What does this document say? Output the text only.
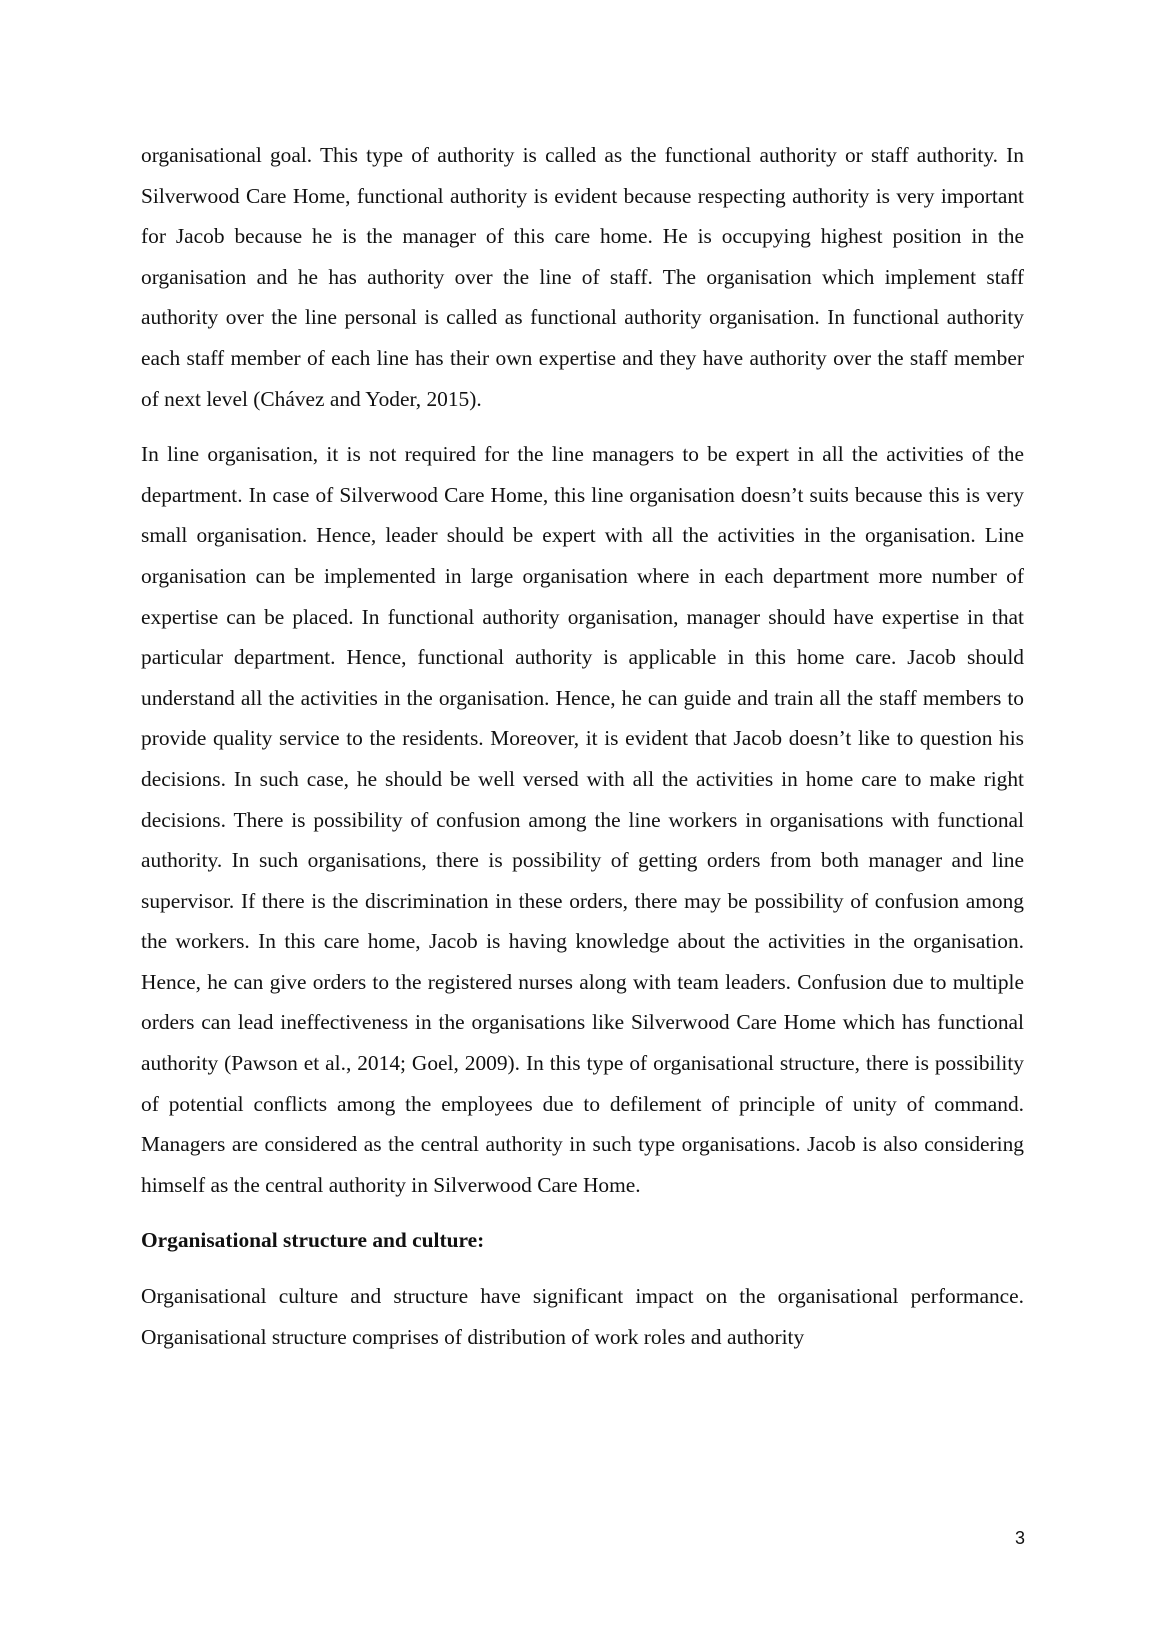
organisational goal. This type of authority is called as the functional authority or staff authority. In Silverwood Care Home, functional authority is evident because respecting authority is very important for Jacob because he is the manager of this care home. He is occupying highest position in the organisation and he has authority over the line of staff. The organisation which implement staff authority over the line personal is called as functional authority organisation. In functional authority each staff member of each line has their own expertise and they have authority over the staff member of next level (Chávez and Yoder, 2015).

In line organisation, it is not required for the line managers to be expert in all the activities of the department. In case of Silverwood Care Home, this line organisation doesn’t suits because this is very small organisation. Hence, leader should be expert with all the activities in the organisation. Line organisation can be implemented in large organisation where in each department more number of expertise can be placed. In functional authority organisation, manager should have expertise in that particular department. Hence, functional authority is applicable in this home care. Jacob should understand all the activities in the organisation. Hence, he can guide and train all the staff members to provide quality service to the residents. Moreover, it is evident that Jacob doesn’t like to question his decisions. In such case, he should be well versed with all the activities in home care to make right decisions. There is possibility of confusion among the line workers in organisations with functional authority. In such organisations, there is possibility of getting orders from both manager and line supervisor. If there is the discrimination in these orders, there may be possibility of confusion among the workers. In this care home, Jacob is having knowledge about the activities in the organisation. Hence, he can give orders to the registered nurses along with team leaders. Confusion due to multiple orders can lead ineffectiveness in the organisations like Silverwood Care Home which has functional authority (Pawson et al., 2014; Goel, 2009). In this type of organisational structure, there is possibility of potential conflicts among the employees due to defilement of principle of unity of command. Managers are considered as the central authority in such type organisations. Jacob is also considering himself as the central authority in Silverwood Care Home.

Organisational structure and culture:

Organisational culture and structure have significant impact on the organisational performance. Organisational structure comprises of distribution of work roles and authority

3
